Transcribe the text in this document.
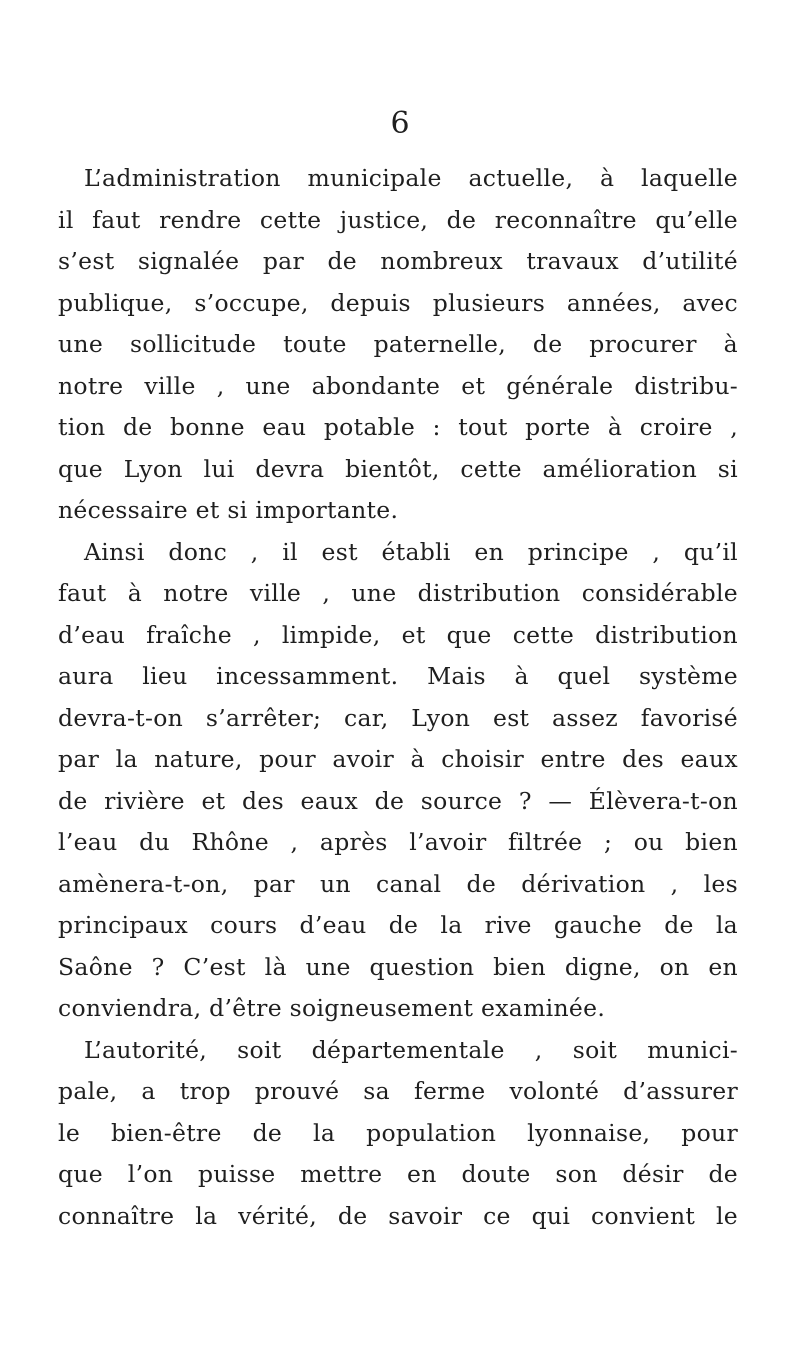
6
L’administration municipale actuelle, à laquelle
il faut rendre cette justice, de reconnaître qu’elle
s’est signalée par de nombreux travaux d’utilité
publique, s’occupe, depuis plusieurs années, avec
une sollicitude toute paternelle, de procurer à
notre ville , une abondante et générale distribu-
tion de bonne eau potable : tout porte à croire ,
que Lyon lui devra bientôt, cette amélioration si
nécessaire et si importante.
Ainsi donc , il est établi en principe , qu’il
faut à notre ville , une distribution considérable
d’eau fraîche , limpide, et que cette distribution
aura lieu incessamment. Mais à quel système
devra-t-on s’arrêter; car, Lyon est assez favorisé
par la nature, pour avoir à choisir entre des eaux
de rivière et des eaux de source ? — Élèvera-t-on
l’eau du Rhône , après l’avoir filtrée ; ou bien
amènera-t-on, par un canal de dérivation , les
principaux cours d’eau de la rive gauche de la
Saône ? C’est là une question bien digne, on en
conviendra, d’être soigneusement examinée.
L’autorité, soit départementale , soit munici-
pale, a trop prouvé sa ferme volonté d’assurer
le bien-être de la population lyonnaise, pour
que l’on puisse mettre en doute son désir de
connaître la vérité, de savoir ce qui convient le
